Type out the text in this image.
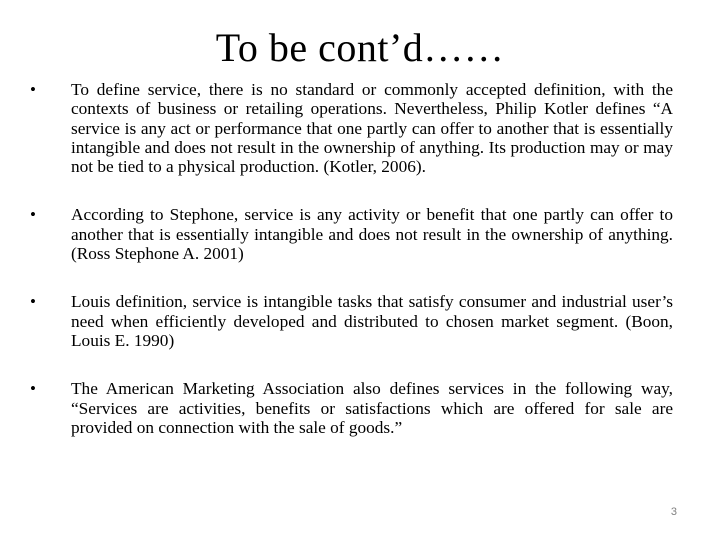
To be cont’d……
• To define service, there is no standard or commonly accepted definition, with the contexts of business or retailing operations. Nevertheless, Philip Kotler defines “A service is any act or performance that one partly can offer to another that is essentially intangible and does not result in the ownership of anything. Its production may or may not be tied to a physical production. (Kotler, 2006).
• According to Stephone, service is any activity or benefit that one partly can offer to another that is essentially intangible and does not result in the ownership of anything. (Ross Stephone A. 2001)
• Louis definition, service is intangible tasks that satisfy consumer and industrial user’s need when efficiently developed and distributed to chosen market segment. (Boon, Louis E. 1990)
• The American Marketing Association also defines services in the following way, “Services are activities, benefits or satisfactions which are offered for sale are provided on connection with the sale of goods.”
3
